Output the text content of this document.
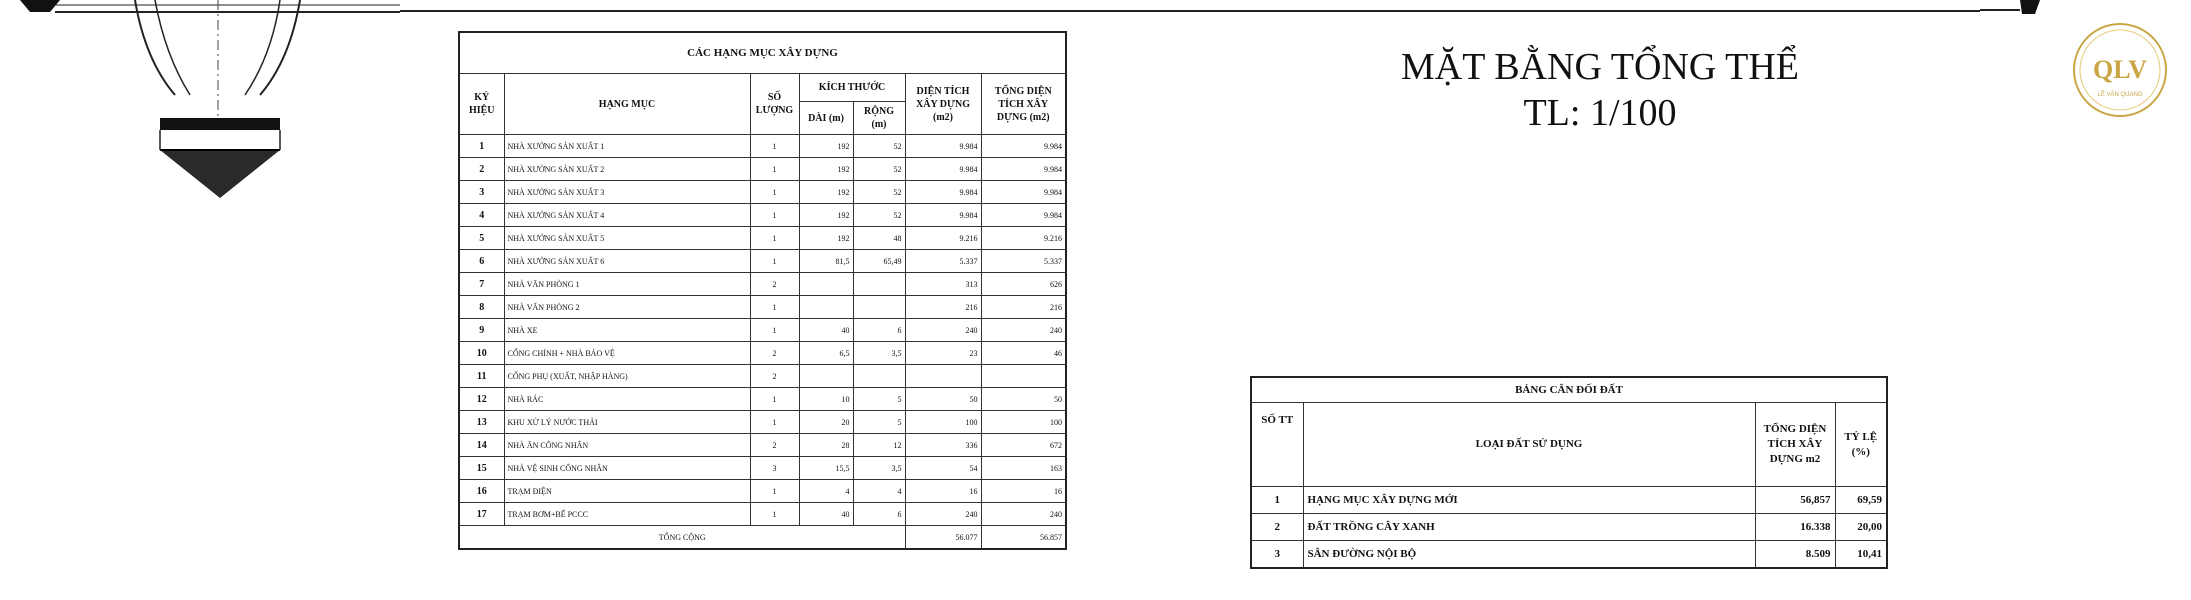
MẶT BẰNG TỔNG THỂ
TL: 1/100
QLV
LÊ VĂN QUANG
CÁC HẠNG MỤC XÂY DỰNG						
KÝ HIỆU	HẠNG MỤC	SỐ LƯỢNG	KÍCH THƯỚC		DIỆN TÍCH XÂY DỰNG (m2)	TỔNG DIỆN TÍCH XÂY DỰNG (m2)
			DÀI (m)	RỘNG (m)		
1	NHÀ XƯỞNG SẢN XUẤT 1	1	192	52	9.984	9.984
2	NHÀ XƯỞNG SẢN XUẤT 2	1	192	52	9.984	9.984
3	NHÀ XƯỞNG SẢN XUẤT 3	1	192	52	9.984	9.984
4	NHÀ XƯỞNG SẢN XUẤT 4	1	192	52	9.984	9.984
5	NHÀ XƯỞNG SẢN XUẤT 5	1	192	48	9.216	9.216
6	NHÀ XƯỞNG SẢN XUẤT 6	1	81,5	65,49	5.337	5.337
7	NHÀ VĂN PHÒNG 1	2			313	626
8	NHÀ VĂN PHÒNG 2	1			216	216
9	NHÀ XE	1	40	6	240	240
10	CỔNG CHÍNH + NHÀ BẢO VỆ	2	6,5	3,5	23	46
11	CỔNG PHỤ (XUẤT, NHẬP HÀNG)	2				
12	NHÀ RÁC	1	10	5	50	50
13	KHU XỬ LÝ NƯỚC THẢI	1	20	5	100	100
14	NHÀ ĂN CÔNG NHÂN	2	28	12	336	672
15	NHÀ VỆ SINH CÔNG NHÂN	3	15,5	3,5	54	163
16	TRẠM ĐIỆN	1	4	4	16	16
17	TRẠM BƠM+BỂ PCCC	1	40	6	240	240
TỔNG CỘNG					56.077	56.857
BẢNG CÂN ĐỐI ĐẤT			
SỐ TT	LOẠI ĐẤT SỬ DỤNG	TỔNG DIỆN TÍCH XÂY DỰNG m2	TỶ LỆ (%)
1	HẠNG MỤC XÂY DỰNG MỚI	56,857	69,59
2	ĐẤT TRỒNG CÂY XANH	16.338	20,00
3	SÂN ĐƯỜNG NỘI BỘ	8.509	10,41
